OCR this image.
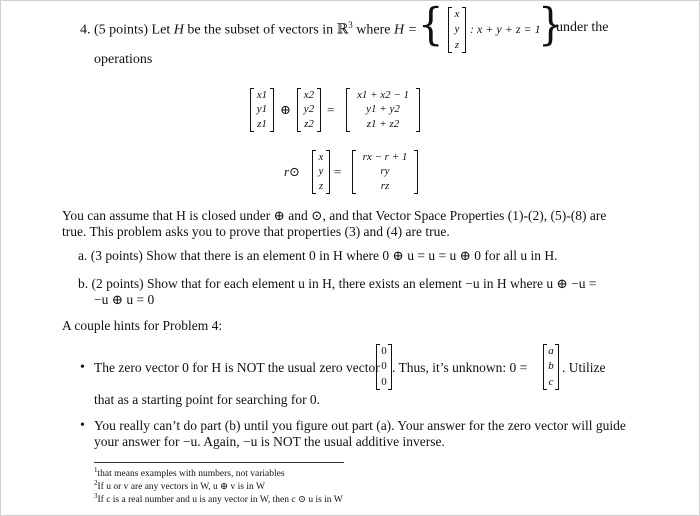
4. (5 points) Let H be the subset of vectors in ℝ$^3$ where H = { x
y
z
: x + y + z = 1
}
under the
operations
x1
y1
z1
⊕
x2
y2
z2
=
x1 + x2 − 1
y1 + y2
z1 + z2
r⊙
x
y
z
=
rx − r + 1
ry
rz
You can assume that H is closed under ⊕ and ⊙, and that Vector Space Properties (1)-(2), (5)-(8) are
true. This problem asks you to prove that properties (3) and (4) are true.
a. (3 points) Show that there is an element 0 in H where 0 ⊕ u = u = u ⊕ 0 for all u in H.
b. (2 points) Show that for each element u in H, there exists an element −u in H where u ⊕ −u =
−u ⊕ u = 0
A couple hints for Problem 4:
• The zero vector 0 for H is NOT the usual zero vector
0
0
0
. Thus, it’s unknown: 0 =
a
b
c
. Utilize
that as a starting point for searching for 0.
• You really can’t do part (b) until you figure out part (a). Your answer for the zero vector will guide
your answer for −u. Again, −u is NOT the usual additive inverse.
$^1$that means examples with numbers, not variables
$^2$If u or v are any vectors in W, u ⊕ v is in W
$^3$If c is a real number and u is any vector in W, then c ⊙ u is in W
